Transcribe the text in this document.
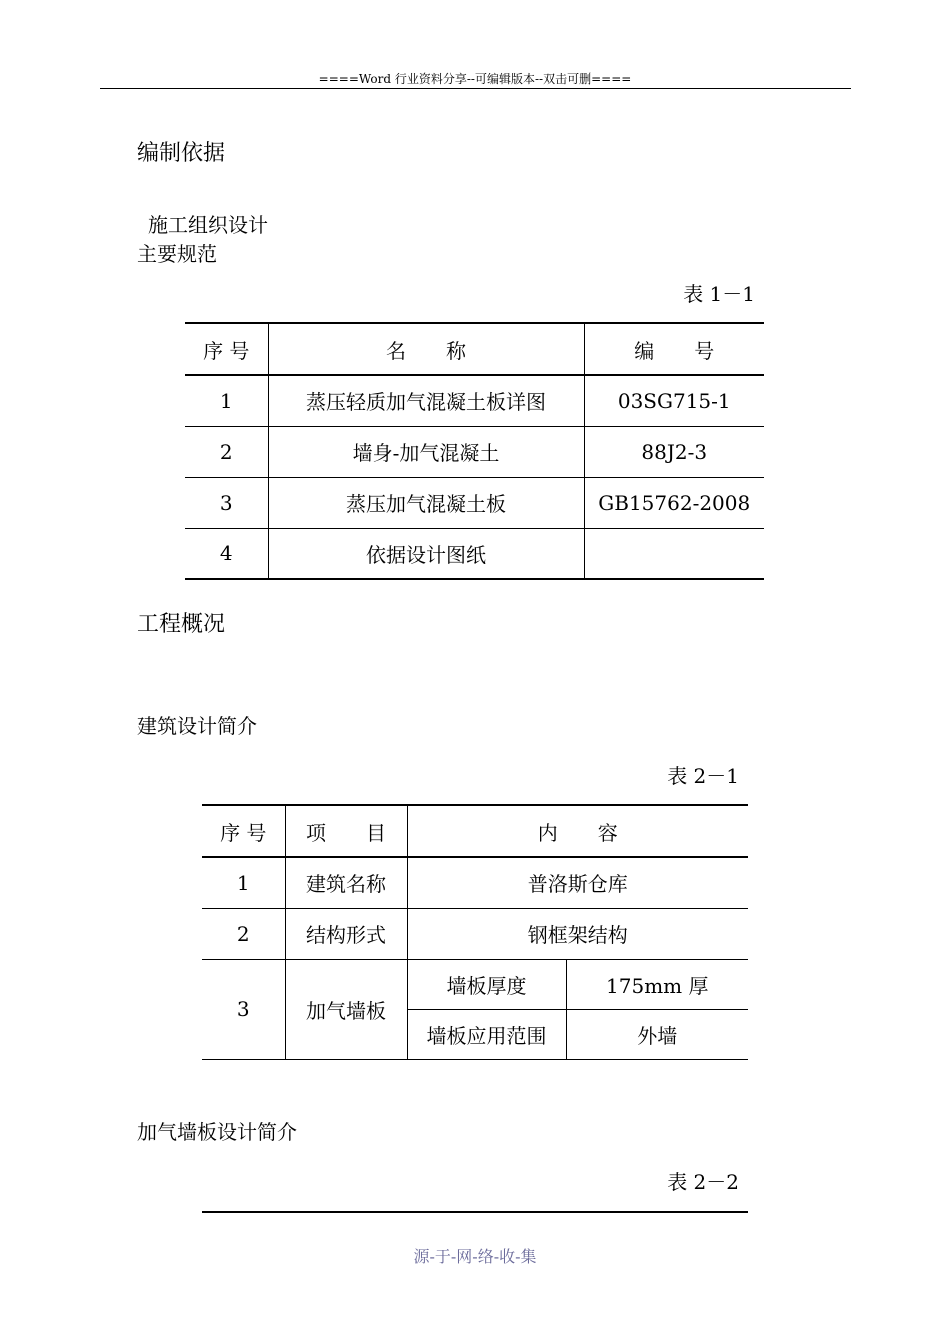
====Word 行业资料分享--可编辑版本--双击可删====
编制依据
施工组织设计
主要规范
表 1－1
序 号	名　　称	编　　号
1	蒸压轻质加气混凝土板详图	03SG715-1
2	墙身-加气混凝土	88J2-3
3	蒸压加气混凝土板	GB15762-2008
4	依据设计图纸	
工程概况
建筑设计简介
表 2－1
序 号	项　　目	内　　容	
1	建筑名称	普洛斯仓库	
2	结构形式	钢框架结构	
3	加气墙板	墙板厚度	175mm 厚
		墙板应用范围	外墙
加气墙板设计简介
表 2－2
源-于-网-络-收-集
